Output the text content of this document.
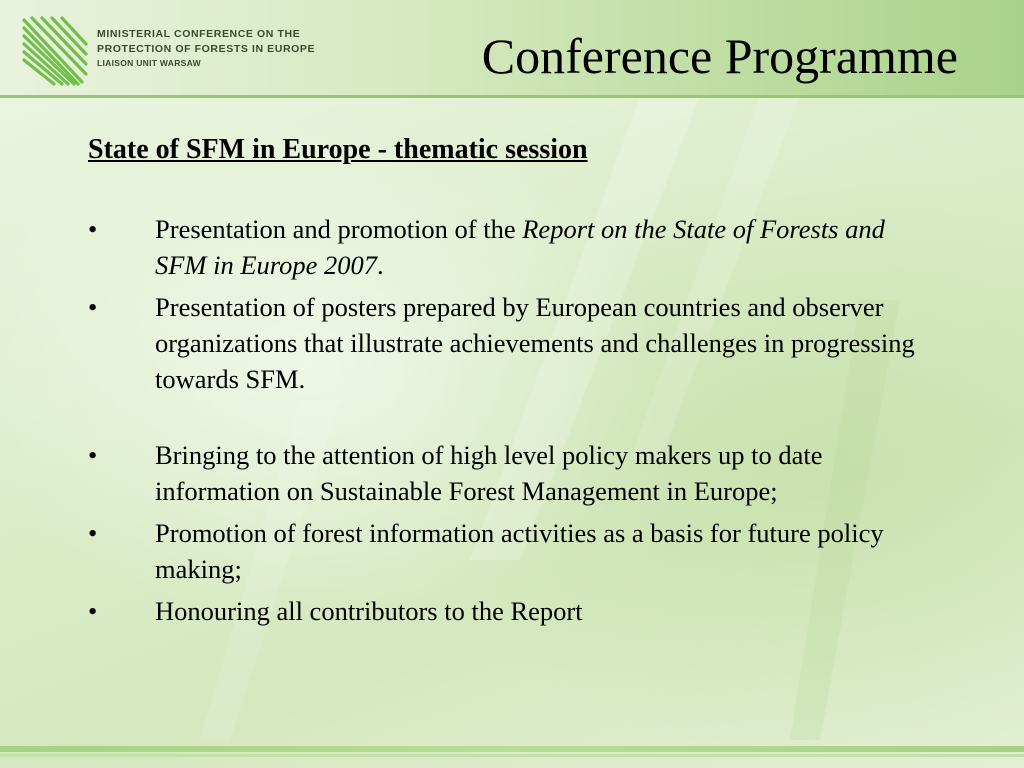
MINISTERIAL CONFERENCE ON THE
PROTECTION OF FORESTS IN EUROPE
LIAISON UNIT WARSAW	Conference Programme
State of SFM in Europe - thematic session
•	Presentation and promotion of the Report on the State of Forests and SFM in Europe 2007.
•	Presentation of posters prepared by European countries and observer organizations that illustrate achievements and challenges in progressing towards SFM.
•	Bringing to the attention of high level policy makers up to date information on Sustainable Forest Management in Europe;
•	Promotion of forest information activities as a basis for future policy making;
•	Honouring all contributors to the Report
